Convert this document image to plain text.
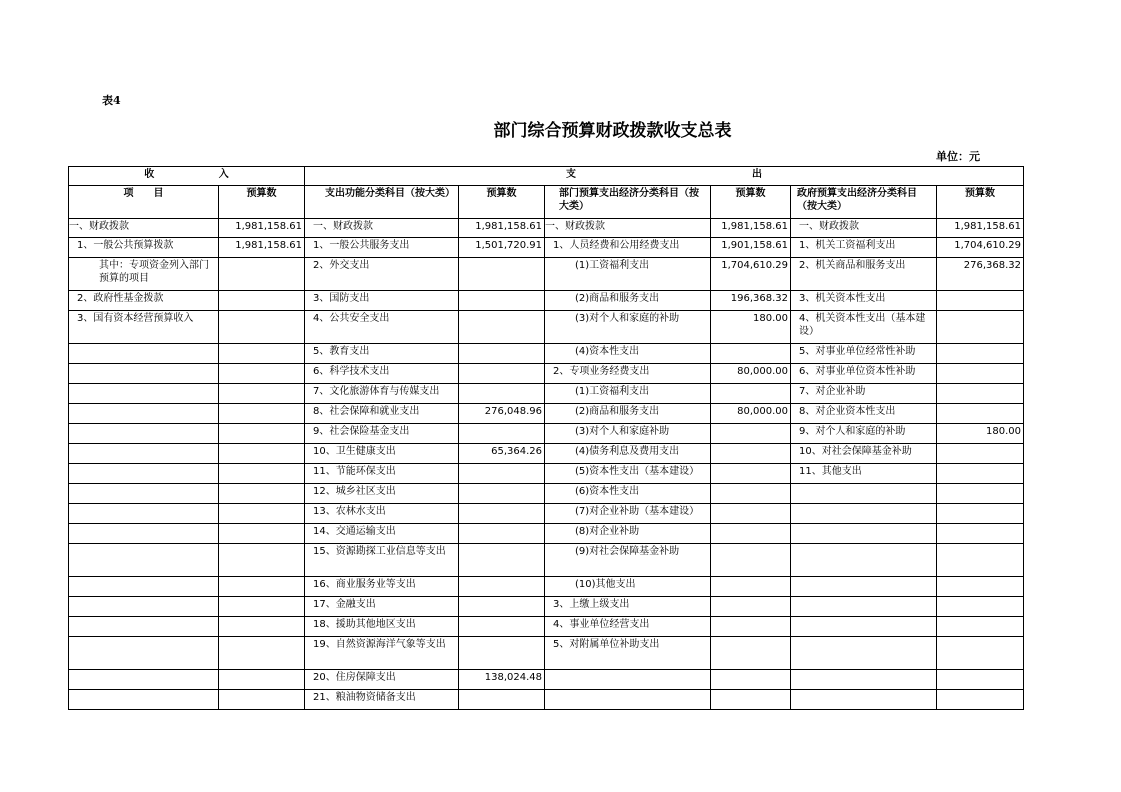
表4
部门综合预算财政拨款收支总表
单位：元
收 入		支 出					

项　　目	预算数	支出功能分类科目（按大类）	预算数	部门预算支出经济分类科目（按大类）	预算数	政府预算支出经济分类科目（按大类）	预算数
一、财政拨款	1,981,158.61	一、财政拨款	1,981,158.61	一、财政拨款	1,981,158.61	一、财政拨款	1,981,158.61
1、一般公共预算拨款	1,981,158.61	1、一般公共服务支出	1,501,720.91	1、人员经费和公用经费支出	1,901,158.61	1、机关工资福利支出	1,704,610.29
其中：专项资金列入部门预算的项目		2、外交支出		(1)工资福利支出	1,704,610.29	2、机关商品和服务支出	276,368.32
2、政府性基金拨款		3、国防支出		(2)商品和服务支出	196,368.32	3、机关资本性支出	
3、国有资本经营预算收入		4、公共安全支出		(3)对个人和家庭的补助	180.00	4、机关资本性支出（基本建设）	
		5、教育支出		(4)资本性支出		5、对事业单位经常性补助	
		6、科学技术支出		2、专项业务经费支出	80,000.00	6、对事业单位资本性补助	
		7、文化旅游体育与传媒支出		(1)工资福利支出		7、对企业补助	
		8、社会保障和就业支出	276,048.96	(2)商品和服务支出	80,000.00	8、对企业资本性支出	
		9、社会保险基金支出		(3)对个人和家庭补助		9、对个人和家庭的补助	180.00
		10、卫生健康支出	65,364.26	(4)债务利息及费用支出		10、对社会保障基金补助	
		11、节能环保支出		(5)资本性支出（基本建设）		11、其他支出	
		12、城乡社区支出		(6)资本性支出			
		13、农林水支出		(7)对企业补助（基本建设）			
		14、交通运输支出		(8)对企业补助			
		15、资源勘探工业信息等支出		(9)对社会保障基金补助			
		16、商业服务业等支出		(10)其他支出			
		17、金融支出		3、上缴上级支出			
		18、援助其他地区支出		4、事业单位经营支出			
		19、自然资源海洋气象等支出		5、对附属单位补助支出			
		20、住房保障支出	138,024.48				
		21、粮油物资储备支出					
